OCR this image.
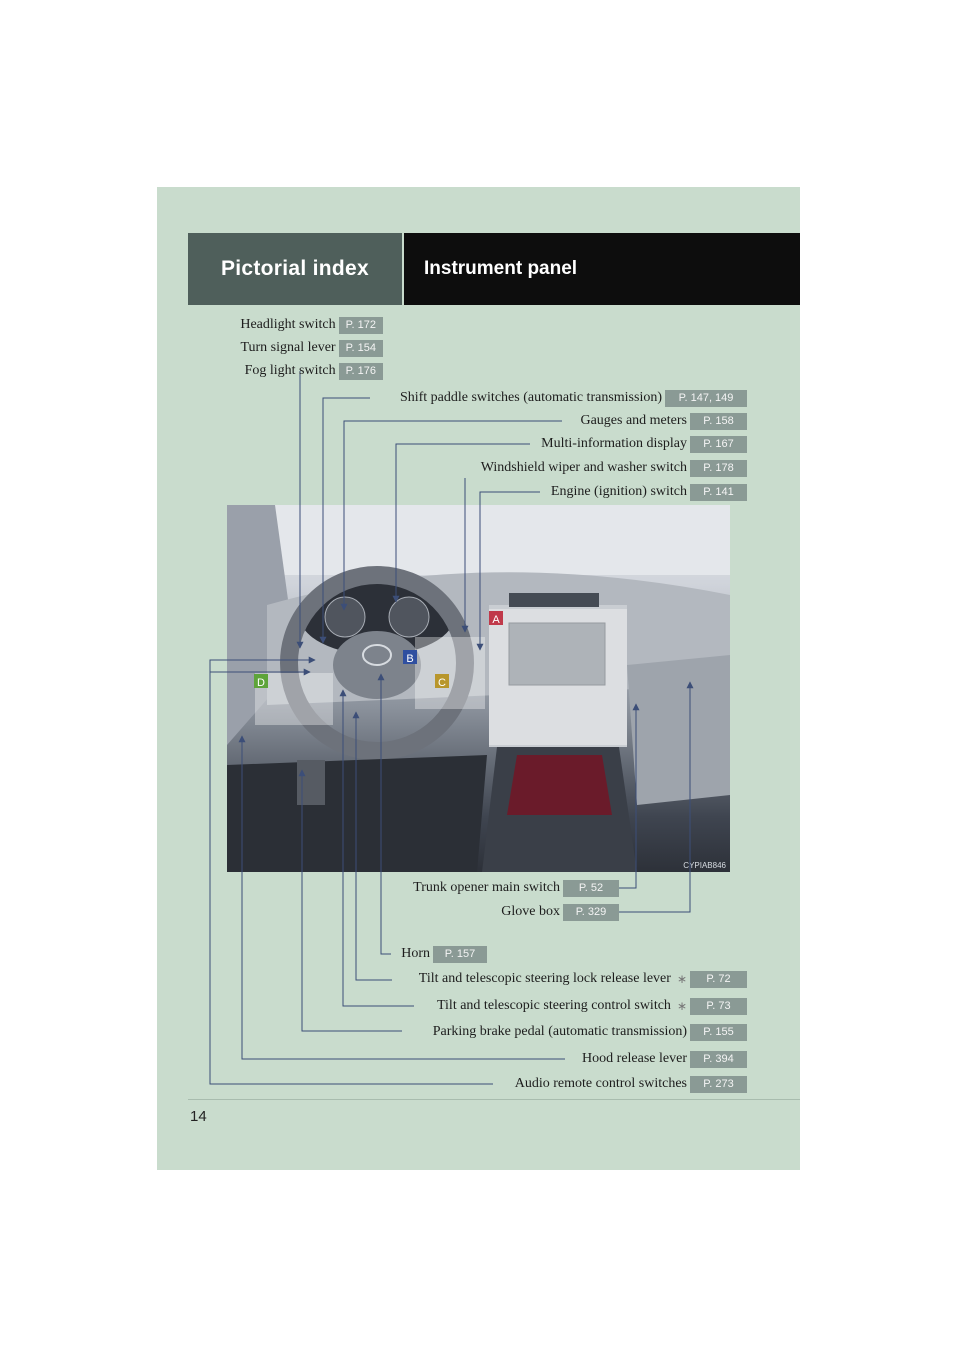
Pictorial index	Instrument panel
A
B
C
D
CYPIAB846
Headlight switch P. 172
Turn signal lever P. 154
Fog light switch P. 176
Shift paddle switches (automatic transmission)	P. 147, 149
Gauges and meters	P. 158
Multi-information display	P. 167
Windshield wiper and washer switch	P. 178
Engine (ignition) switch	P. 141
Trunk opener main switch	P. 52
Glove box	P. 329
Horn	P. 157
Tilt and telescopic steering lock release lever ∗	P. 72
Tilt and telescopic steering control switch ∗	P. 73
Parking brake pedal (automatic transmission)	P. 155
Hood release lever	P. 394
Audio remote control switches	P. 273
14
